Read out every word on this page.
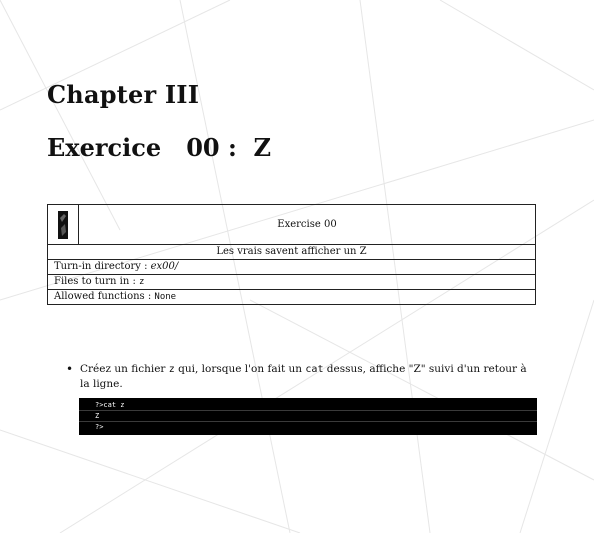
Chapter III
Exercice   00 :  Z
	Exercise 00
Les vrais savent afficher un Z
Turn-in directory : ex00/
Files to turn in : z
Allowed functions : None
• Créez un fichier z qui, lorsque l'on fait un cat dessus, affiche "Z" suivi d'un retour à la ligne.
?>cat z
Z
?>
